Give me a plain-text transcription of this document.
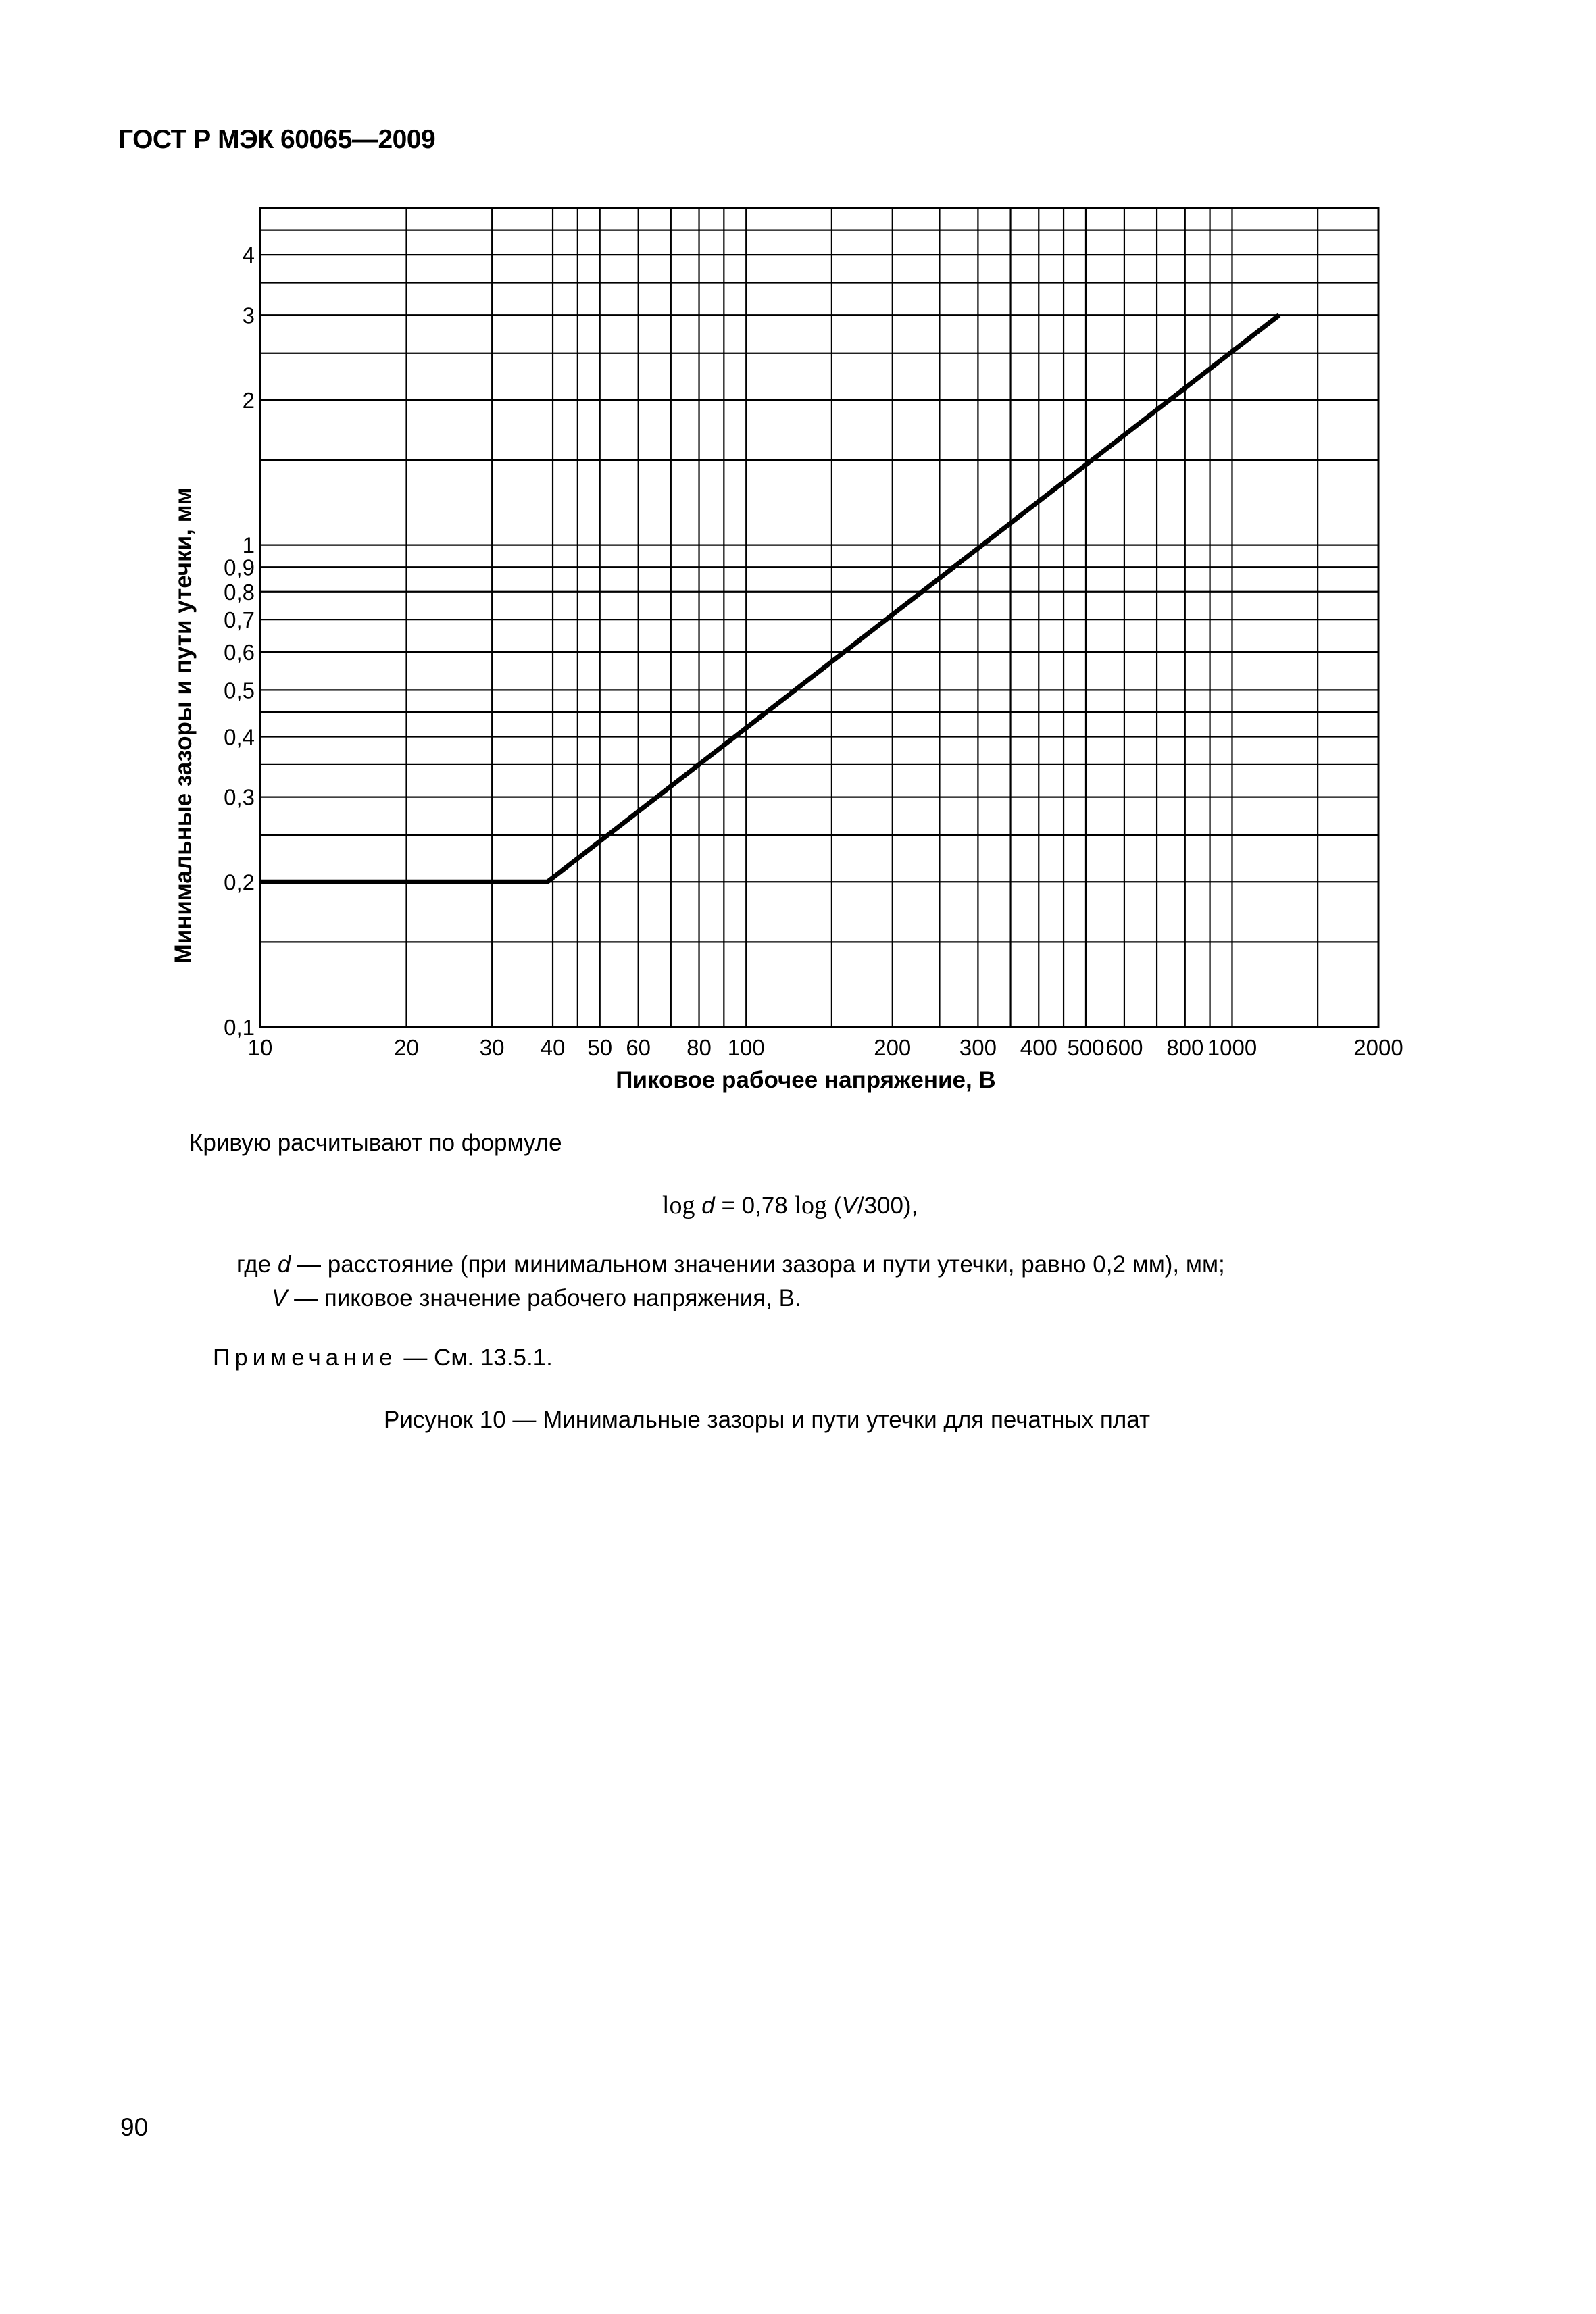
ГОСТ Р МЭК 60065—2009
10	20	30 40 50 60 80 100	200 300 400 500 600 800 1000	2000
0,1
0,2
0,3
0,4
0,5
0,6
0,7
0,8
0,9
1
2
3
4
Пиковое рабочее напряжение, В
Минимальные зазоры и пути утечки, мм
Кривую расчитывают по формуле
log d = 0,78 log (V/300),
где d — расстояние (при минимальном значении зазора и пути утечки, равно 0,2 мм), мм;
V — пиковое значение рабочего напряжения, В.
Примечание — См. 13.5.1.
Рисунок 10 — Минимальные зазоры и пути утечки для печатных плат
90
